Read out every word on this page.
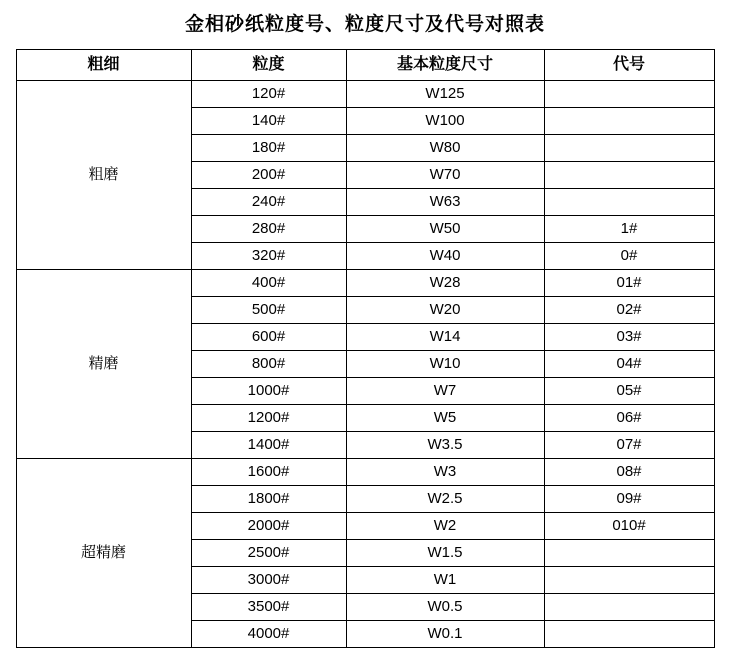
金相砂纸粒度号、粒度尺寸及代号对照表
粗细	粒度	基本粒度尺寸	代号
粗磨	120#	W125	
	140#	W100	
	180#	W80	
	200#	W70	
	240#	W63	
	280#	W50	1#
	320#	W40	0#
精磨	400#	W28	01#
	500#	W20	02#
	600#	W14	03#
	800#	W10	04#
	1000#	W7	05#
	1200#	W5	06#
	1400#	W3.5	07#
超精磨	1600#	W3	08#
	1800#	W2.5	09#
	2000#	W2	010#
	2500#	W1.5	
	3000#	W1	
	3500#	W0.5	
	4000#	W0.1	
